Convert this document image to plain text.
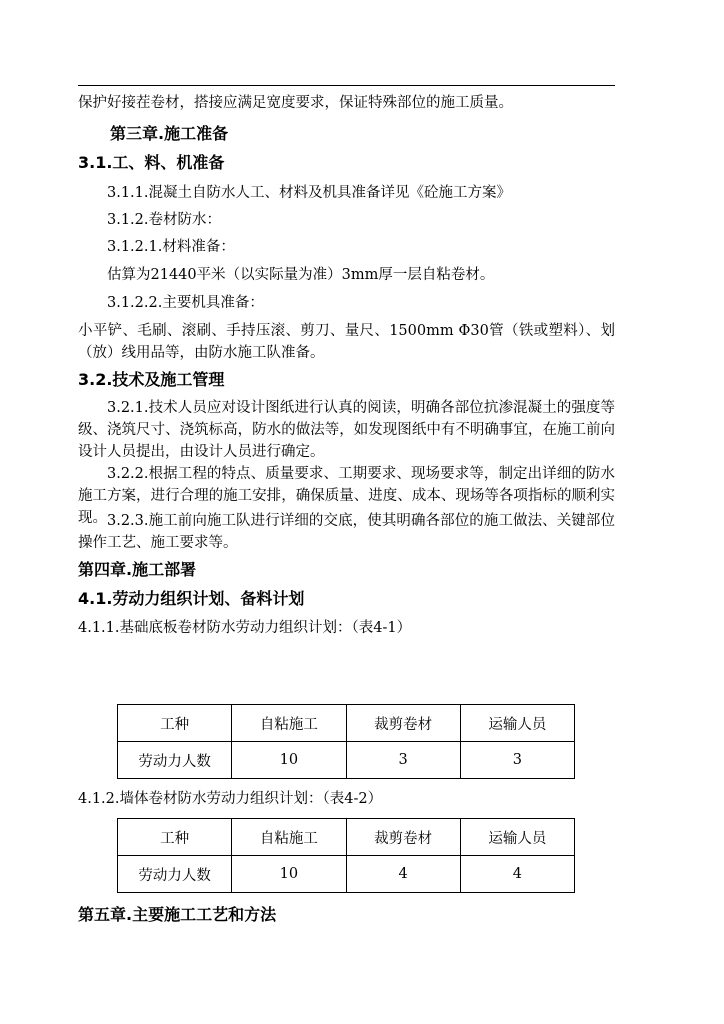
保护好接茬卷材，搭接应满足宽度要求，保证特殊部位的施工质量。
第三章.施工准备
3.1.工、料、机准备
3.1.1.混凝土自防水人工、材料及机具准备详见《砼施工方案》
3.1.2.卷材防水：
3.1.2.1.材料准备：
估算为21440平米（以实际量为准）3mm厚一层自粘卷材。
3.1.2.2.主要机具准备：
小平铲、毛刷、滚刷、手持压滚、剪刀、量尺、1500mm Φ30管（铁或塑料）、划（放）线用品等，由防水施工队准备。
3.2.技术及施工管理
3.2.1.技术人员应对设计图纸进行认真的阅读，明确各部位抗渗混凝土的强度等级、浇筑尺寸、浇筑标高，防水的做法等，如发现图纸中有不明确事宜，在施工前向设计人员提出，由设计人员进行确定。
3.2.2.根据工程的特点、质量要求、工期要求、现场要求等，制定出详细的防水施工方案，进行合理的施工安排，确保质量、进度、成本、现场等各项指标的顺利实现。 3.2.3.施工前向施工队进行详细的交底，使其明确各部位的施工做法、关键部位操作工艺、施工要求等。
第四章.施工部署
4.1.劳动力组织计划、备料计划
4.1.1.基础底板卷材防水劳动力组织计划：（表4-1）
工种	自粘施工	裁剪卷材	运输人员
劳动力人数	10	3	3
4.1.2.墙体卷材防水劳动力组织计划：（表4-2）
工种	自粘施工	裁剪卷材	运输人员
劳动力人数	10	4	4
第五章.主要施工工艺和方法
